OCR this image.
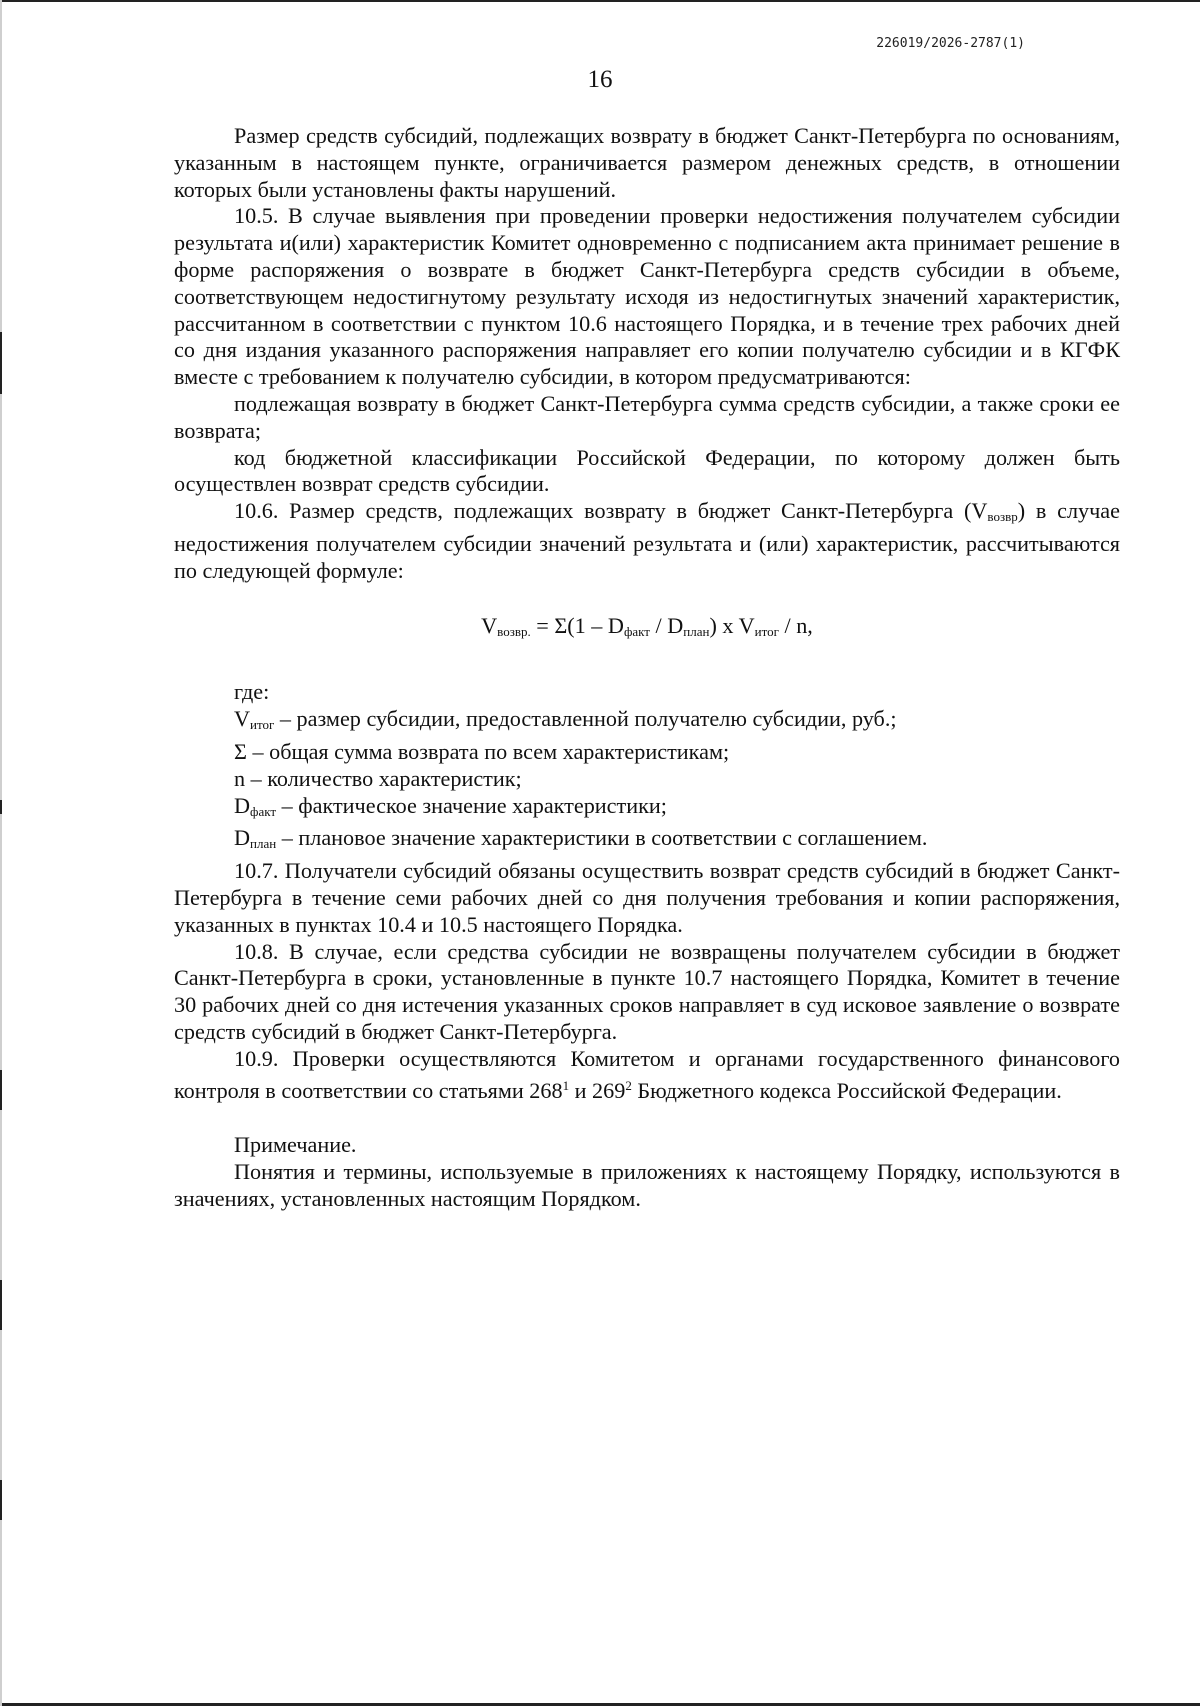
226019/2026-2787(1)
16

Размер средств субсидий, подлежащих возврату в бюджет Санкт-Петербурга по основаниям, указанным в настоящем пункте, ограничивается размером денежных средств, в отношении которых были установлены факты нарушений.

10.5. В случае выявления при проведении проверки недостижения получателем субсидии результата и(или) характеристик Комитет одновременно с подписанием акта принимает решение в форме распоряжения о возврате в бюджет Санкт-Петербурга средств субсидии в объеме, соответствующем недостигнутому результату исходя из недостигнутых значений характеристик, рассчитанном в соответствии с пунктом 10.6 настоящего Порядка, и в течение трех рабочих дней со дня издания указанного распоряжения направляет его копии получателю субсидии и в КГФК вместе с требованием к получателю субсидии, в котором предусматриваются:

подлежащая возврату в бюджет Санкт-Петербурга сумма средств субсидии, а также сроки ее возврата;

код бюджетной классификации Российской Федерации, по которому должен быть осуществлен возврат средств субсидии.

10.6. Размер средств, подлежащих возврату в бюджет Санкт-Петербурга $(V_{возвр})$ в случае недостижения получателем субсидии значений результата и (или) характеристик, рассчитываются по следующей формуле:

$V_{возвр.} = \Sigma(1 - D_{факт} / D_{план})$ x $V_{итог}$ / n,

где:

$V_{итог}$ – размер субсидии, предоставленной получателю субсидии, руб.;

Σ – общая сумма возврата по всем характеристикам;

n – количество характеристик;

$D_{факт}$ – фактическое значение характеристики;

$D_{план}$ – плановое значение характеристики в соответствии с соглашением.

10.7. Получатели субсидий обязаны осуществить возврат средств субсидий в бюджет Санкт-Петербурга в течение семи рабочих дней со дня получения требования и копии распоряжения, указанных в пунктах 10.4 и 10.5 настоящего Порядка.

10.8. В случае, если средства субсидии не возвращены получателем субсидии в бюджет Санкт-Петербурга в сроки, установленные в пункте 10.7 настоящего Порядка, Комитет в течение 30 рабочих дней со дня истечения указанных сроков направляет в суд исковое заявление о возврате средств субсидий в бюджет Санкт-Петербурга.

10.9. Проверки осуществляются Комитетом и органами государственного финансового контроля в соответствии со статьями $268^1$ и $269^2$ Бюджетного кодекса Российской Федерации.

Примечание.

Понятия и термины, используемые в приложениях к настоящему Порядку, используются в значениях, установленных настоящим Порядком.
